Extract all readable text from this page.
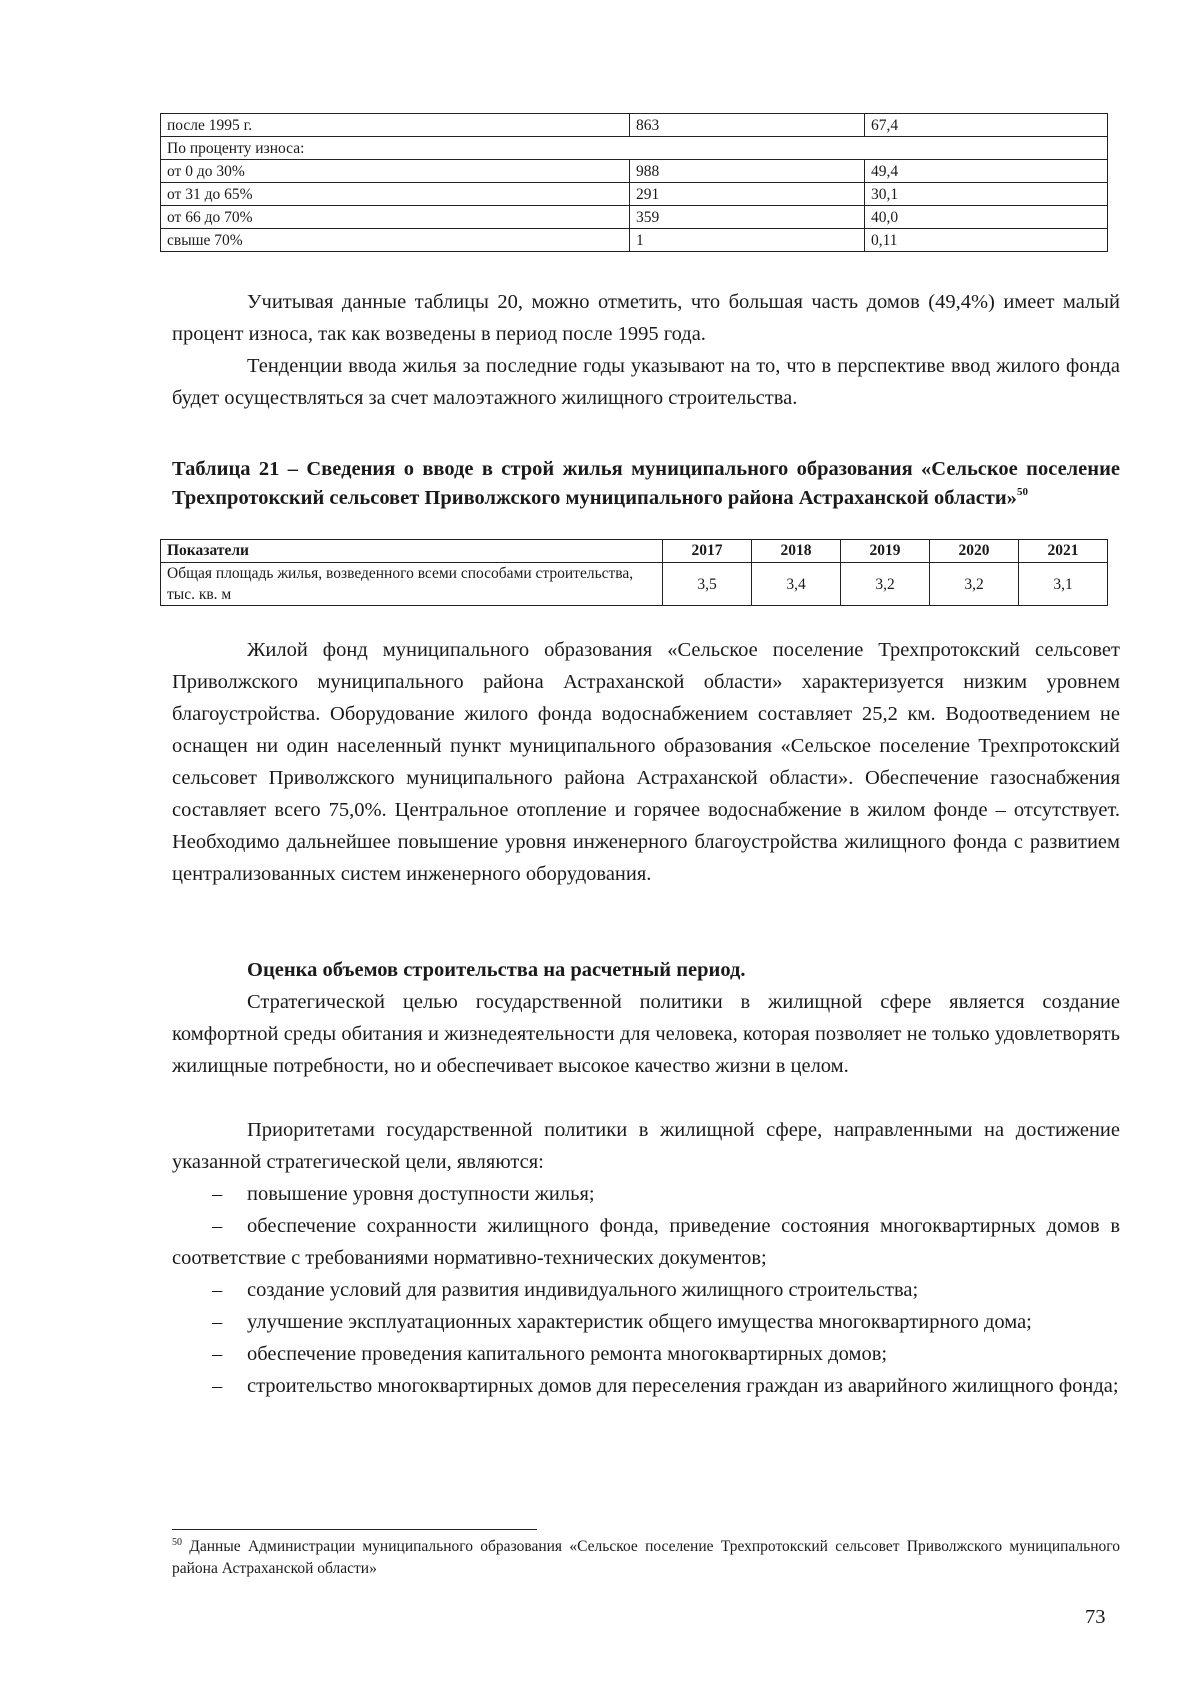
после 1995 г.	863	67,4
По проценту износа:		
от 0 до 30%	988	49,4
от 31 до 65%	291	30,1
от 66 до 70%	359	40,0
свыше 70%	1	0,11

Учитывая данные таблицы 20, можно отметить, что большая часть домов (49,4%) имеет малый процент износа, так как возведены в период после 1995 года.

Тенденции ввода жилья за последние годы указывают на то, что в перспективе ввод жилого фонда будет осуществляться за счет малоэтажного жилищного строительства.

Таблица 21 – Сведения о вводе в строй жилья муниципального образования «Сельское поселение Трехпротокский сельсовет Приволжского муниципального района Астраханской области»$^{50}$

Показатели	2017	2018	2019	2020	2021
Общая площадь жилья, возведенного всеми способами строительства, тыс. кв. м	3,5	3,4	3,2	3,2	3,1

Жилой фонд муниципального образования «Сельское поселение Трехпротокский сельсовет Приволжского муниципального района Астраханской области» характеризуется низким уровнем благоустройства. Оборудование жилого фонда водоснабжением составляет 25,2 км. Водоотведением не оснащен ни один населенный пункт муниципального образования «Сельское поселение Трехпротокский сельсовет Приволжского муниципального района Астраханской области». Обеспечение газоснабжения составляет всего 75,0%. Центральное отопление и горячее водоснабжение в жилом фонде – отсутствует. Необходимо дальнейшее повышение уровня инженерного благоустройства жилищного фонда с развитием централизованных систем инженерного оборудования.

Оценка объемов строительства на расчетный период.

Стратегической целью государственной политики в жилищной сфере является создание комфортной среды обитания и жизнедеятельности для человека, которая позволяет не только удовлетворять жилищные потребности, но и обеспечивает высокое качество жизни в целом.

Приоритетами государственной политики в жилищной сфере, направленными на достижение указанной стратегической цели, являются:

– повышение уровня доступности жилья;
– обеспечение сохранности жилищного фонда, приведение состояния многоквартирных домов в соответствие с требованиями нормативно-технических документов;
– создание условий для развития индивидуального жилищного строительства;
– улучшение эксплуатационных характеристик общего имущества многоквартирного дома;
– обеспечение проведения капитального ремонта многоквартирных домов;
– строительство многоквартирных домов для переселения граждан из аварийного жилищного фонда;

$^{50}$ Данные Администрации муниципального образования «Сельское поселение Трехпротокский сельсовет Приволжского муниципального района Астраханской области»

73
